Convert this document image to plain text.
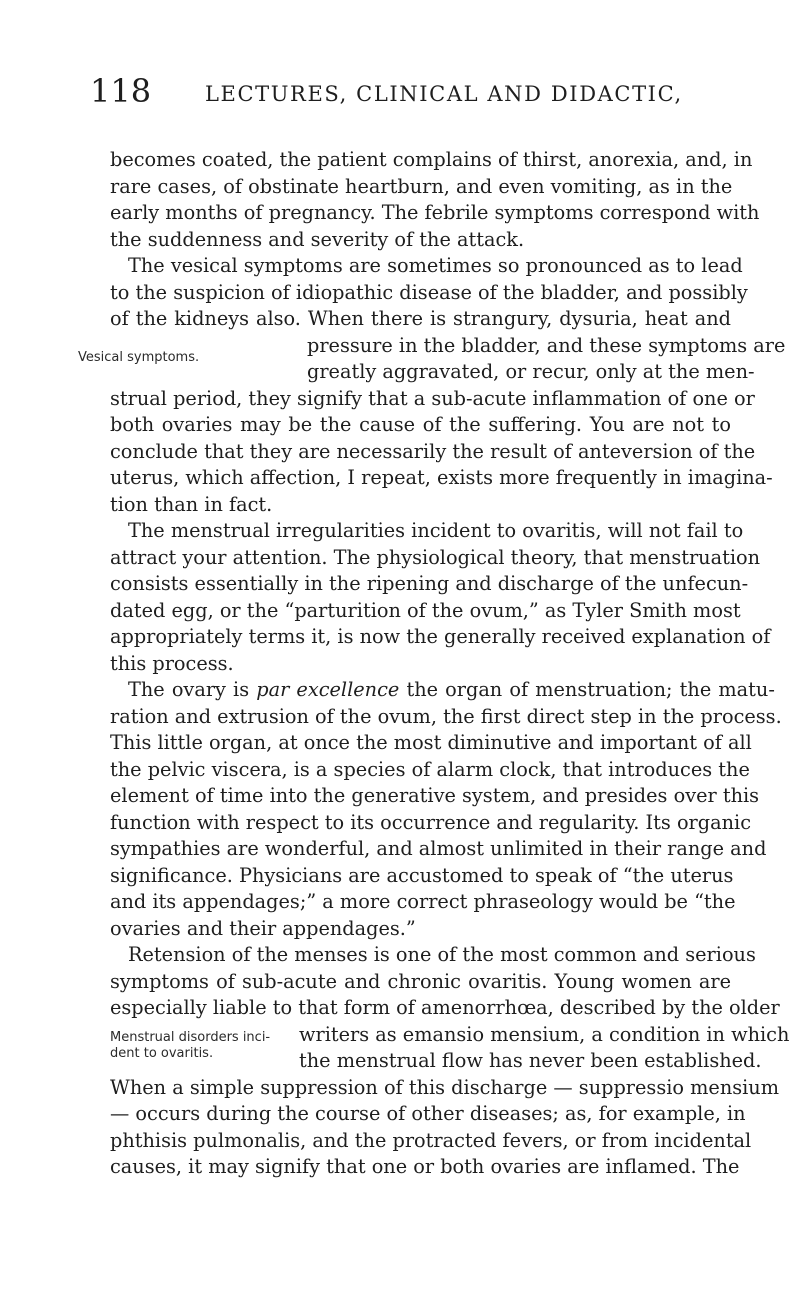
118	LECTURES, CLINICAL AND DIDACTIC,
becomes coated, the patient complains of thirst, anorexia, and, in
rare cases, of obstinate heartburn, and even vomiting, as in the
early months of pregnancy. The febrile symptoms correspond with
the suddenness and severity of the attack.
The vesical symptoms are sometimes so pronounced as to lead
to the suspicion of idiopathic disease of the bladder, and possibly
of the kidneys also. When there is strangury, dysuria, heat and
Vesical symptoms.
pressure in the bladder, and these symptoms are
greatly aggravated, or recur, only at the men-
strual period, they signify that a sub-acute inflammation of one or
both ovaries may be the cause of the suffering. You are not to
conclude that they are necessarily the result of anteversion of the
uterus, which affection, I repeat, exists more frequently in imagina-
tion than in fact.
The menstrual irregularities incident to ovaritis, will not fail to
attract your attention. The physiological theory, that menstruation
consists essentially in the ripening and discharge of the unfecun-
dated egg, or the “parturition of the ovum,” as Tyler Smith most
appropriately terms it, is now the generally received explanation of
this process.
The ovary is par excellence the organ of menstruation; the matu-
ration and extrusion of the ovum, the first direct step in the process.
This little organ, at once the most diminutive and important of all
the pelvic viscera, is a species of alarm clock, that introduces the
element of time into the generative system, and presides over this
function with respect to its occurrence and regularity. Its organic
sympathies are wonderful, and almost unlimited in their range and
significance. Physicians are accustomed to speak of “the uterus
and its appendages;” a more correct phraseology would be “the
ovaries and their appendages.”
Retension of the menses is one of the most common and serious
symptoms of sub-acute and chronic ovaritis. Young women are
especially liable to that form of amenorrhœa, described by the older
Menstrual disorders inci-
dent to ovaritis.
writers as emansio mensium, a condition in which
the menstrual flow has never been established.
When a simple suppression of this discharge — suppressio mensium
— occurs during the course of other diseases; as, for example, in
phthisis pulmonalis, and the protracted fevers, or from incidental
causes, it may signify that one or both ovaries are inflamed. The
